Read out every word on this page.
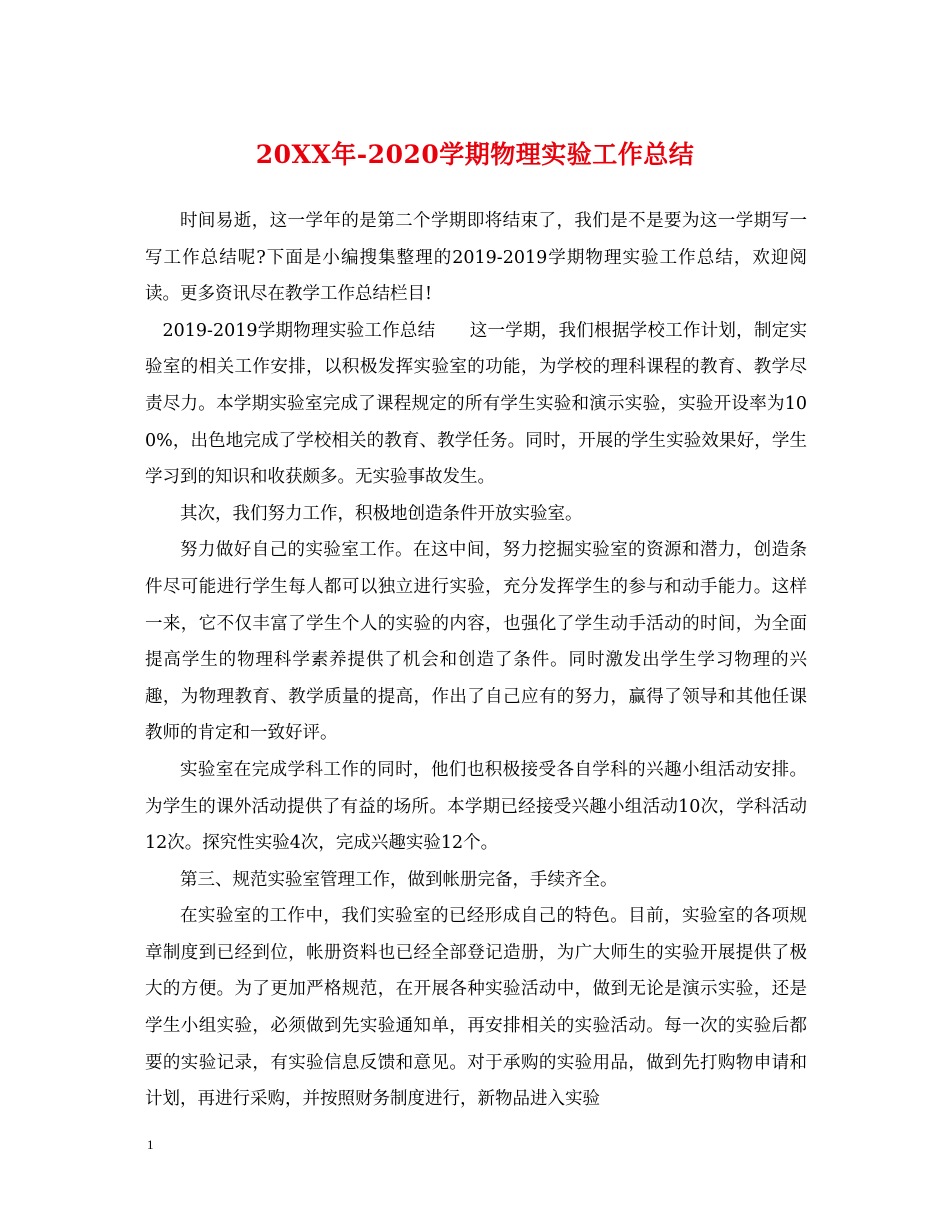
20XX年-2020学期物理实验工作总结

时间易逝，这一学年的是第二个学期即将结束了，我们是不是要为这一学期写一写工作总结呢?下面是小编搜集整理的2019-2019学期物理实验工作总结，欢迎阅读。更多资讯尽在教学工作总结栏目!

2019-2019学期物理实验工作总结 这一学期，我们根据学校工作计划，制定实验室的相关工作安排，以积极发挥实验室的功能，为学校的理科课程的教育、教学尽责尽力。本学期实验室完成了课程规定的所有学生实验和演示实验，实验开设率为100%，出色地完成了学校相关的教育、教学任务。同时，开展的学生实验效果好，学生学习到的知识和收获颇多。无实验事故发生。

其次，我们努力工作，积极地创造条件开放实验室。

努力做好自己的实验室工作。在这中间，努力挖掘实验室的资源和潜力，创造条件尽可能进行学生每人都可以独立进行实验，充分发挥学生的参与和动手能力。这样一来，它不仅丰富了学生个人的实验的内容，也强化了学生动手活动的时间，为全面提高学生的物理科学素养提供了机会和创造了条件。同时激发出学生学习物理的兴趣，为物理教育、教学质量的提高，作出了自己应有的努力，赢得了领导和其他任课教师的肯定和一致好评。

实验室在完成学科工作的同时，他们也积极接受各自学科的兴趣小组活动安排。为学生的课外活动提供了有益的场所。本学期已经接受兴趣小组活动10次，学科活动12次。探究性实验4次，完成兴趣实验12个。

第三、规范实验室管理工作，做到帐册完备，手续齐全。

在实验室的工作中，我们实验室的已经形成自己的特色。目前，实验室的各项规章制度到已经到位，帐册资料也已经全部登记造册，为广大师生的实验开展提供了极大的方便。为了更加严格规范，在开展各种实验活动中，做到无论是演示实验，还是学生小组实验，必须做到先实验通知单，再安排相关的实验活动。每一次的实验后都要的实验记录，有实验信息反馈和意见。对于承购的实验用品，做到先打购物申请和计划，再进行采购，并按照财务制度进行，新物品进入实验

1
